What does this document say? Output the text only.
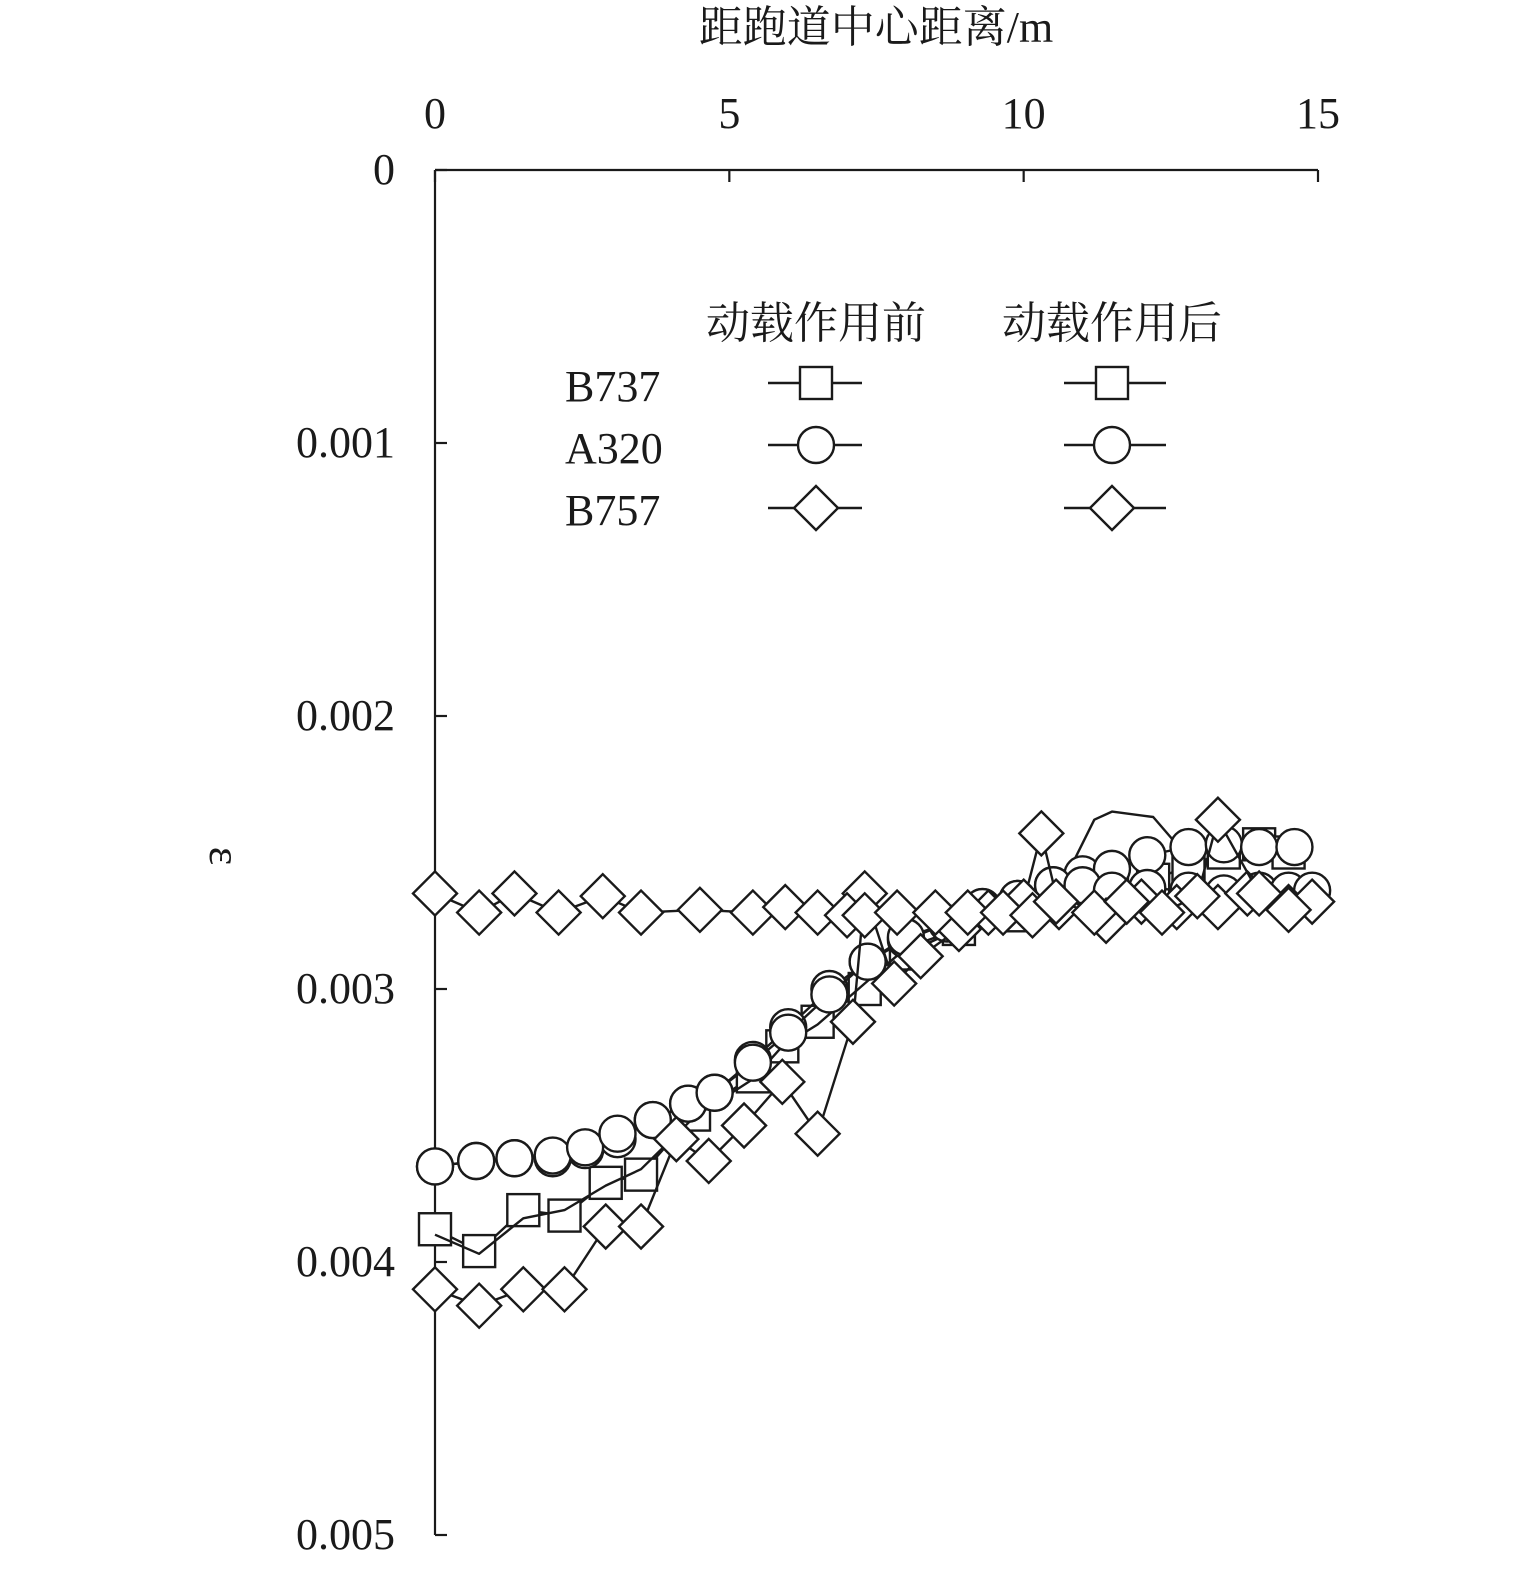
0	5	10	15
0
0.001
0.002
0.003
0.004
0.005
距跑道中心距离/m
ε
动载作用前 动载作用后
B737
A320
B757
